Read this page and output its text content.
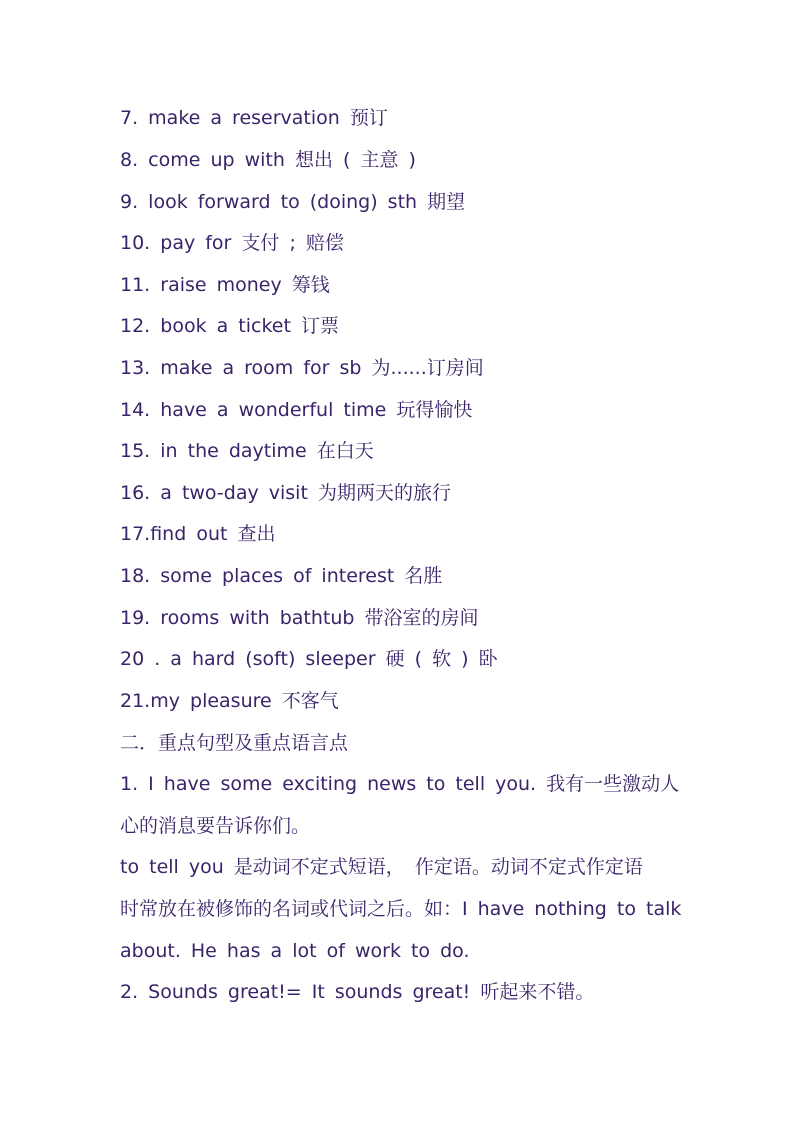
7. make a reservation 预订
8. come up with 想出 ( 主意 )
9. look forward to (doing) sth 期望
10. pay for 支付 ; 赔偿
11. raise money 筹钱
12. book a ticket 订票
13. make a room for sb 为......订房间
14. have a wonderful time 玩得愉快
15. in the daytime 在白天
16. a two-day visit 为期两天的旅行
17.find out 查出
18. some places of interest 名胜
19. rooms with bathtub 带浴室的房间
20 . a hard (soft) sleeper 硬 ( 软 ) 卧
21.my pleasure 不客气
二．重点句型及重点语言点
1. I have some exciting news to tell you. 我有一些激动人
心的消息要告诉你们。
to tell you 是动词不定式短语， 作定语。动词不定式作定语
时常放在被修饰的名词或代词之后。如：I have nothing to talk
about. He has a lot of work to do.
2. Sounds great!= It sounds great! 听起来不错。
